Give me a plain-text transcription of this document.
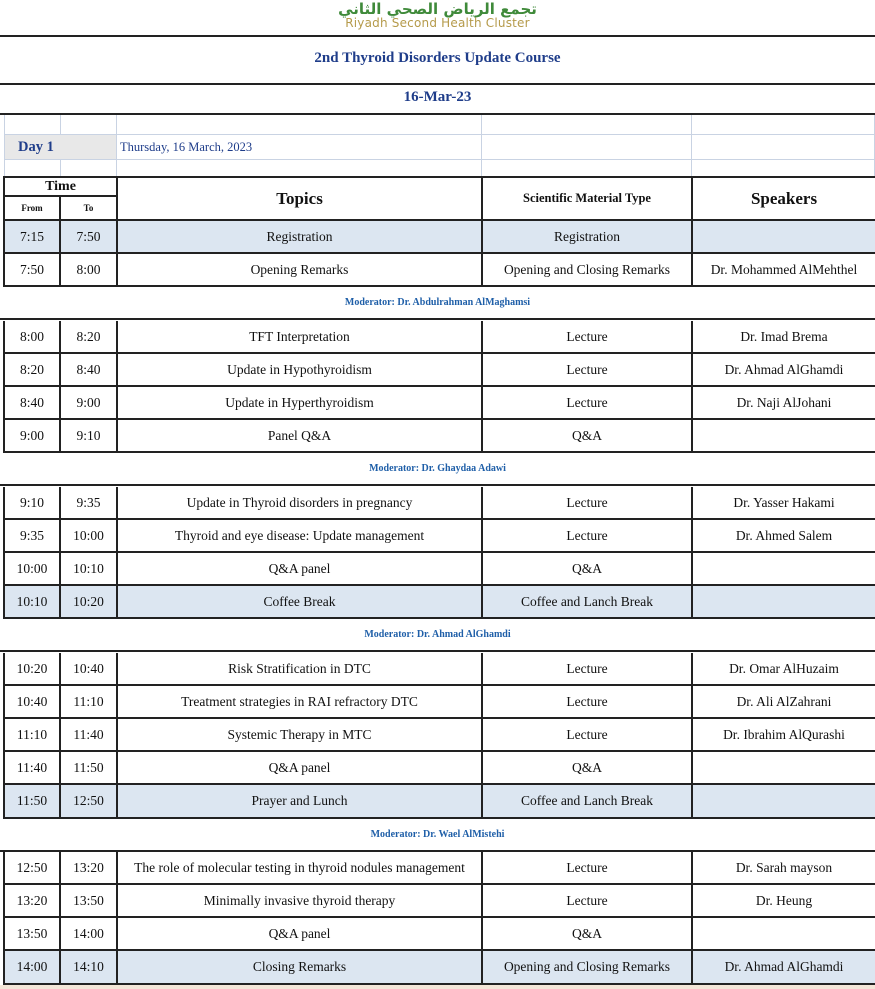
تجمع الرياض الصحي الثاني
Riyadh Second Health Cluster
2nd Thyroid Disorders Update Course
16-Mar-23
Day 1	Thursday, 16 March, 2023
Time
From	To
Topics	Scientific Material Type	Speakers
7:15	7:50	Registration	Registration
7:50	8:00	Opening Remarks	Opening and Closing Remarks	Dr. Mohammed AlMehthel
Moderator: Dr. Abdulrahman AlMaghamsi
8:00	8:20	TFT Interpretation	Lecture	Dr. Imad Brema
8:20	8:40	Update in Hypothyroidism	Lecture	Dr. Ahmad AlGhamdi
8:40	9:00	Update in Hyperthyroidism	Lecture	Dr. Naji AlJohani
9:00	9:10	Panel Q&A	Q&A
Moderator: Dr. Ghaydaa Adawi
9:10	9:35	Update in Thyroid disorders in pregnancy	Lecture	Dr. Yasser Hakami
9:35	10:00	Thyroid and eye disease: Update management	Lecture	Dr. Ahmed Salem
10:00	10:10	Q&A panel	Q&A
10:10	10:20	Coffee Break	Coffee and Lanch Break
Moderator: Dr. Ahmad AlGhamdi
10:20	10:40	Risk Stratification in DTC	Lecture	Dr. Omar AlHuzaim
10:40	11:10	Treatment strategies in RAI refractory DTC	Lecture	Dr. Ali AlZahrani
11:10	11:40	Systemic Therapy in MTC	Lecture	Dr. Ibrahim AlQurashi
11:40	11:50	Q&A panel	Q&A
11:50	12:50	Prayer and Lunch	Coffee and Lanch Break
Moderator: Dr. Wael AlMistehi
12:50	13:20	The role of molecular testing in thyroid nodules management	Lecture	Dr. Sarah mayson
13:20	13:50	Minimally invasive thyroid therapy	Lecture	Dr. Heung
13:50	14:00	Q&A panel	Q&A
14:00	14:10	Closing Remarks	Opening and Closing Remarks	Dr. Ahmad AlGhamdi
